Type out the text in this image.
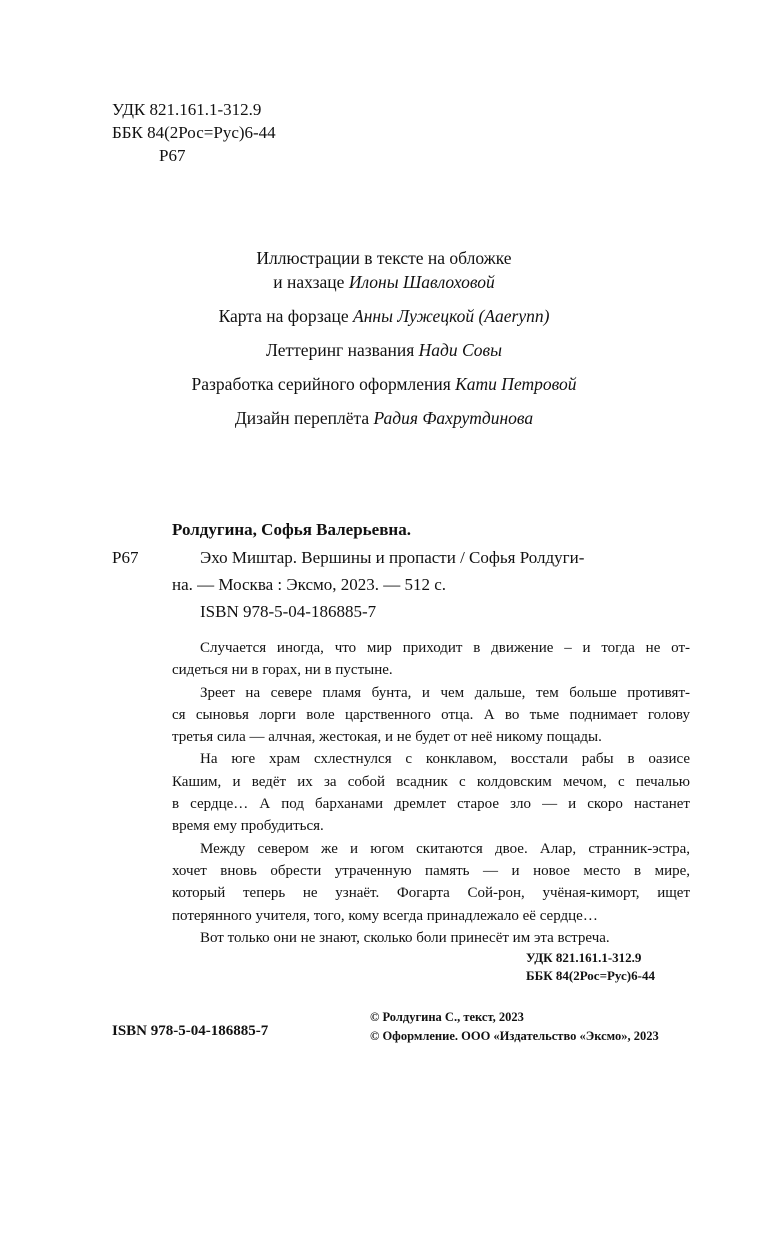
УДК 821.161.1-312.9
ББК 84(2Рос=Рус)6-44
Р67
Иллюстрации в тексте на обложке
и нахзаце Илоны Шавлоховой
Карта на форзаце Анны Лужецкой (Aaerynn)
Леттеринг названия Нади Совы
Разработка серийного оформления Кати Петровой
Дизайн переплёта Радия Фахрутдинова
Ролдугина, Софья Валерьевна.
Р67	Эхо Миштар. Вершины и пропасти / Софья Ролдуги-
на. — Москва : Эксмо, 2023. — 512 с.
ISBN 978-5-04-186885-7

Случается иногда, что мир приходит в движение – и тогда не от-
сидеться ни в горах, ни в пустыне.

Зреет на севере пламя бунта, и чем дальше, тем больше противят-
ся сыновья лорги воле царственного отца. А во тьме поднимает голову
третья сила — алчная, жестокая, и не будет от неё никому пощады.

На юге храм схлестнулся с конклавом, восстали рабы в оазисе
Кашим, и ведёт их за собой всадник с колдовским мечом, с печалью
в сердце… А под барханами дремлет старое зло — и скоро настанет
время ему пробудиться.

Между севером же и югом скитаются двое. Алар, странник-эстра,
хочет вновь обрести утраченную память — и новое место в мире,
который теперь не узнаёт. Фогарта Сой-рон, учёная-киморт, ищет
потерянного учителя, того, кому всегда принадлежало её сердце…

Вот только они не знают, сколько боли принесёт им эта встреча.

УДК 821.161.1-312.9
ББК 84(2Рос=Рус)6-44
ISBN 978-5-04-186885-7
© Ролдугина С., текст, 2023
© Оформление. ООО «Издательство «Эксмо», 2023
